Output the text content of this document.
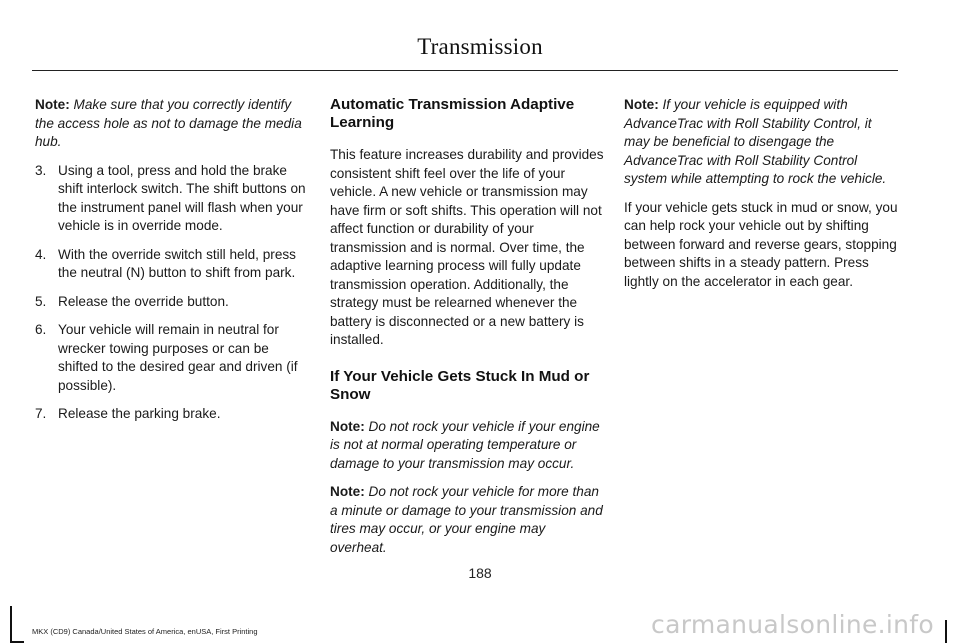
Transmission

Note: Make sure that you correctly identify the access hole as not to damage the media hub.

3. Using a tool, press and hold the brake shift interlock switch. The shift buttons on the instrument panel will flash when your vehicle is in override mode.
4. With the override switch still held, press the neutral (N) button to shift from park.
5. Release the override button.
6. Your vehicle will remain in neutral for wrecker towing purposes or can be shifted to the desired gear and driven (if possible).
7. Release the parking brake.
Automatic Transmission Adaptive Learning

This feature increases durability and provides consistent shift feel over the life of your vehicle. A new vehicle or transmission may have firm or soft shifts. This operation will not affect function or durability of your transmission and is normal. Over time, the adaptive learning process will fully update transmission operation. Additionally, the strategy must be relearned whenever the battery is disconnected or a new battery is installed.

If Your Vehicle Gets Stuck In Mud or Snow

Note: Do not rock your vehicle if your engine is not at normal operating temperature or damage to your transmission may occur.

Note: Do not rock your vehicle for more than a minute or damage to your transmission and tires may occur, or your engine may overheat.

Note: If your vehicle is equipped with AdvanceTrac with Roll Stability Control, it may be beneficial to disengage the AdvanceTrac with Roll Stability Control system while attempting to rock the vehicle.

If your vehicle gets stuck in mud or snow, you can help rock your vehicle out by shifting between forward and reverse gears, stopping between shifts in a steady pattern. Press lightly on the accelerator in each gear.

188
MKX (CD9) Canada/United States of America, enUSA, First Printing	carmanualsonline.info
